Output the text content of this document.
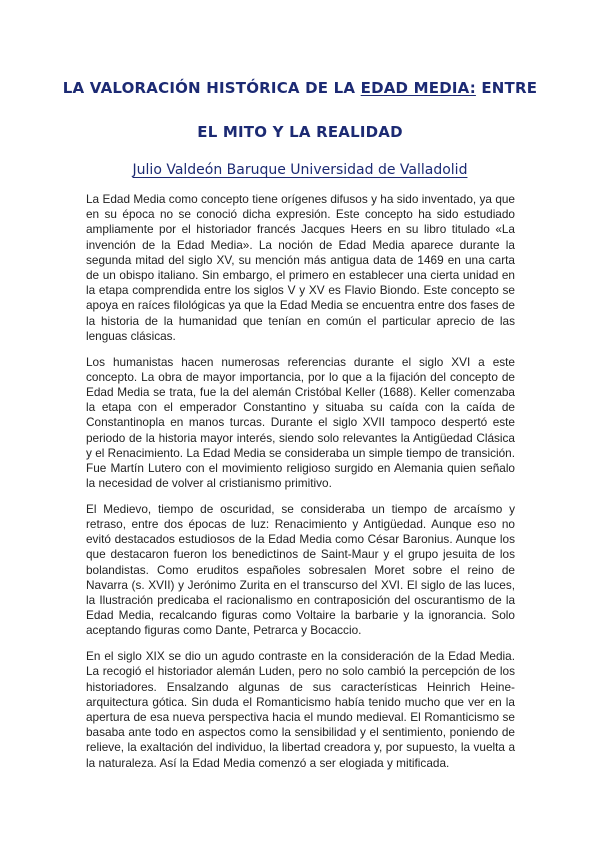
LA VALORACIÓN HISTÓRICA DE LA EDAD MEDIA: ENTRE
EL MITO Y LA REALIDAD
Julio Valdeón Baruque Universidad de Valladolid

La Edad Media como concepto tiene orígenes difusos y ha sido inventado, ya que en su época no se conoció dicha expresión. Este concepto ha sido estudiado ampliamente por el historiador francés Jacques Heers en su libro titulado «La invención de la Edad Media». La noción de Edad Media aparece durante la segunda mitad del siglo XV, su mención más antigua data de 1469 en una carta de un obispo italiano. Sin embargo, el primero en establecer una cierta unidad en la etapa comprendida entre los siglos V y XV es Flavio Biondo. Este concepto se apoya en raíces filológicas ya que la Edad Media se encuentra entre dos fases de la historia de la humanidad que tenían en común el particular aprecio de las lenguas clásicas.

Los humanistas hacen numerosas referencias durante el siglo XVI a este concepto. La obra de mayor importancia, por lo que a la fijación del concepto de Edad Media se trata, fue la del alemán Cristóbal Keller (1688). Keller comenzaba la etapa con el emperador Constantino y situaba su caída con la caída de Constantinopla en manos turcas. Durante el siglo XVII tampoco despertó este periodo de la historia mayor interés, siendo solo relevantes la Antigüedad Clásica y el Renacimiento. La Edad Media se consideraba un simple tiempo de transición. Fue Martín Lutero con el movimiento religioso surgido en Alemania quien señalo la necesidad de volver al cristianismo primitivo.

El Medievo, tiempo de oscuridad, se consideraba un tiempo de arcaísmo y retraso, entre dos épocas de luz: Renacimiento y Antigüedad. Aunque eso no evitó destacados estudiosos de la Edad Media como César Baronius. Aunque los que destacaron fueron los benedictinos de Saint-Maur y el grupo jesuita de los bolandistas. Como eruditos españoles sobresalen Moret sobre el reino de Navarra (s. XVII) y Jerónimo Zurita en el transcurso del XVI. El siglo de las luces, la Ilustración predicaba el racionalismo en contraposición del oscurantismo de la Edad Media, recalcando figuras como Voltaire la barbarie y la ignorancia. Solo aceptando figuras como Dante, Petrarca y Bocaccio.

En el siglo XIX se dio un agudo contraste en la consideración de la Edad Media. La recogió el historiador alemán Luden, pero no solo cambió la percepción de los historiadores. Ensalzando algunas de sus características Heinrich Heine- arquitectura gótica. Sin duda el Romanticismo había tenido mucho que ver en la apertura de esa nueva perspectiva hacia el mundo medieval. El Romanticismo se basaba ante todo en aspectos como la sensibilidad y el sentimiento, poniendo de relieve, la exaltación del individuo, la libertad creadora y, por supuesto, la vuelta a la naturaleza. Así la Edad Media comenzó a ser elogiada y mitificada.
